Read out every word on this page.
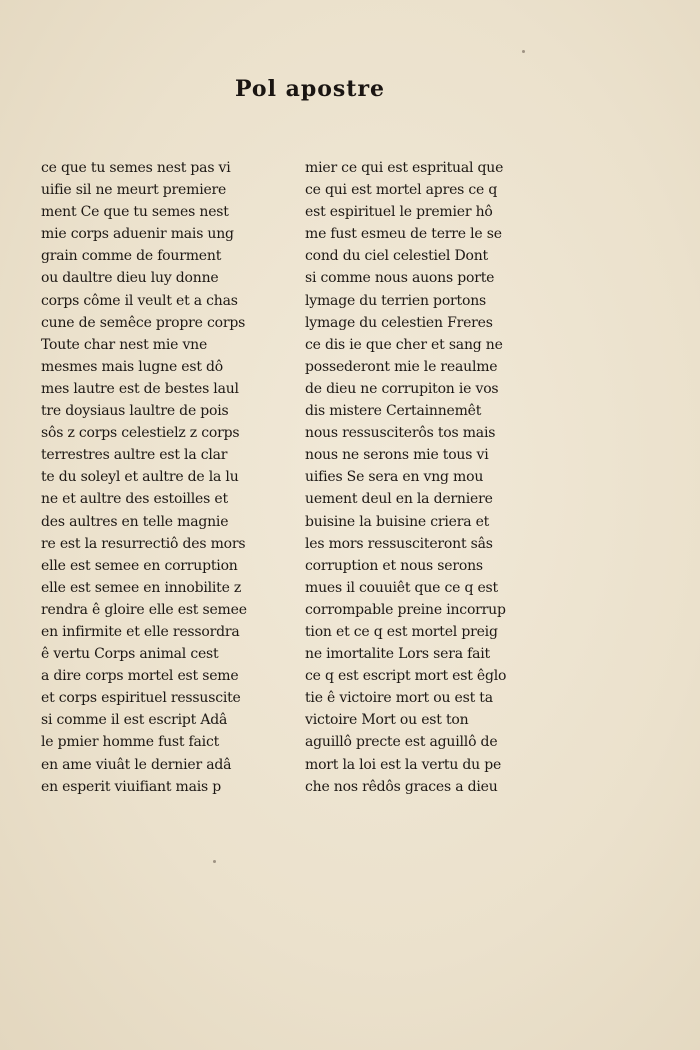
Pol apostre
ce que tu semes nest pas vi
uifie sil ne meurt premiere
ment Ce que tu semes nest
mie corps aduenir mais ung
grain comme de fourment
ou daultre dieu luy donne
corps côme il veult et a chas
cune de semêce propre corps
Toute char nest mie vne
mesmes mais lugne est dô
mes lautre est de bestes laul
tre doysiaus laultre de pois
sôs z corps celestielz z corps
terrestres aultre est la clar
te du soleyl et aultre de la lu
ne et aultre des estoilles et
des aultres en telle magnie
re est la resurrectiô des mors
elle est semee en corruption
elle est semee en innobilite z
rendra ê gloire elle est semee
en infirmite et elle ressordra
ê vertu Corps animal cest
a dire corps mortel est seme
et corps espirituel ressuscite
si comme il est escript Adâ
le pmier homme fust faict
en ame viuât le dernier adâ
en esperit viuifiant mais p
mier ce qui est espritual que
ce qui est mortel apres ce q
est espirituel le premier hô
me fust esmeu de terre le se
cond du ciel celestiel Dont
si comme nous auons porte
lymage du terrien portons
lymage du celestien Freres
ce dis ie que cher et sang ne
possederont mie le reaulme
de dieu ne corrupiton ie vos
dis mistere Certainnemêt
nous ressusciterôs tos mais
nous ne serons mie tous vi
uifies Se sera en vng mou
uement deul en la derniere
buisine la buisine criera et
les mors ressusciteront sâs
corruption et nous serons
mues il couuiêt que ce q est
corrompable preine incorrup
tion et ce q est mortel preig
ne imortalite Lors sera fait
ce q est escript mort est êglo
tie ê victoire mort ou est ta
victoire Mort ou est ton
aguillô precte est aguillô de
mort la loi est la vertu du pe
che nos rêdôs graces a dieu
